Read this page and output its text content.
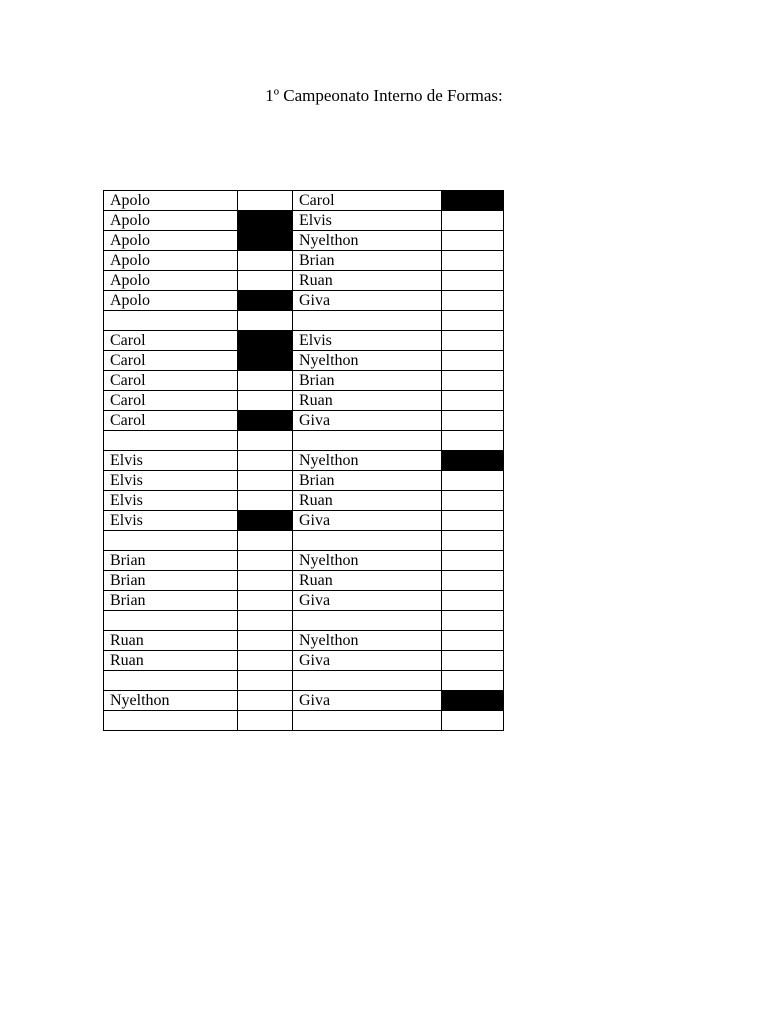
1º Campeonato Interno de Formas:
Apolo		Carol	
Apolo		Elvis	
Apolo		Nyelthon	
Apolo		Brian	
Apolo		Ruan	
Apolo		Giva	

Carol		Elvis	
Carol		Nyelthon	
Carol		Brian	
Carol		Ruan	
Carol		Giva	

Elvis		Nyelthon	
Elvis		Brian	
Elvis		Ruan	
Elvis		Giva	

Brian		Nyelthon	
Brian		Ruan	
Brian		Giva	

Ruan		Nyelthon	
Ruan		Giva	

Nyelthon		Giva	
